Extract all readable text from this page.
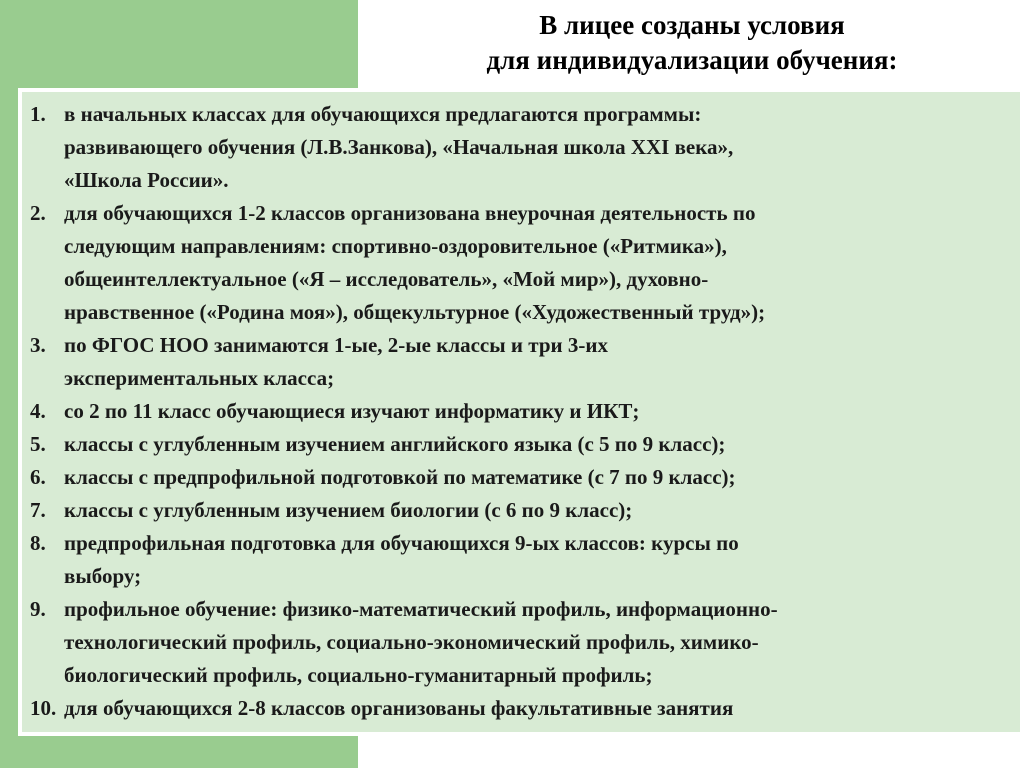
В лицее созданы условия
для индивидуализации обучения:
1. в начальных классах для обучающихся предлагаются программы:
развивающего обучения (Л.В.Занкова), «Начальная школа XXI века»,
«Школа России».
2. для обучающихся 1-2 классов организована внеурочная деятельность по
следующим направлениям: спортивно-оздоровительное («Ритмика»),
общеинтеллектуальное («Я – исследователь», «Мой мир»), духовно-
нравственное («Родина моя»), общекультурное («Художественный труд»);
3. по ФГОС НОО занимаются 1-ые, 2-ые классы и три 3-их
экспериментальных класса;
4. со 2 по 11 класс обучающиеся изучают информатику и ИКТ;
5. классы с углубленным изучением английского языка (с 5 по 9 класс);
6. классы с предпрофильной подготовкой по математике (с 7 по 9 класс);
7. классы с углубленным изучением биологии (с 6 по 9 класс);
8. предпрофильная подготовка для обучающихся 9-ых классов: курсы по
выбору;
9. профильное обучение: физико-математический профиль, информационно-
технологический профиль, социально-экономический профиль, химико-
биологический профиль, социально-гуманитарный профиль;
10. для обучающихся 2-8 классов организованы факультативные занятия
